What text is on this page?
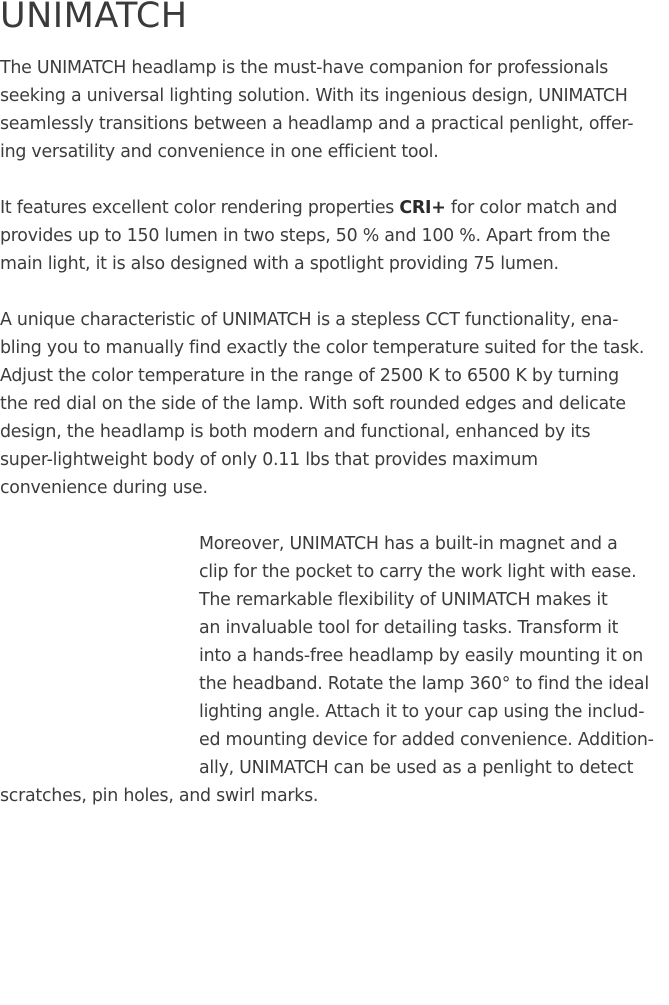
UNIMATCH

The UNIMATCH headlamp is the must-have companion for professionals

seeking a universal lighting solution. With its ingenious design, UNIMATCH

seamlessly transitions between a headlamp and a practical penlight, offer-

ing versatility and convenience in one efficient tool.

It features excellent color rendering properties CRI+ for color match and

provides up to 150 lumen in two steps, 50 % and 100 %. Apart from the

main light, it is also designed with a spotlight providing 75 lumen.

A unique characteristic of UNIMATCH is a stepless CCT functionality, ena-

bling you to manually find exactly the color temperature suited for the task.

Adjust the color temperature in the range of 2500 K to 6500 K by turning

the red dial on the side of the lamp. With soft rounded edges and delicate

design, the headlamp is both modern and functional, enhanced by its

super-lightweight body of only 0.11 lbs that provides maximum

convenience during use.

Moreover, UNIMATCH has a built-in magnet and a

clip for the pocket to carry the work light with ease.

The remarkable flexibility of UNIMATCH makes it

an invaluable tool for detailing tasks. Transform it

into a hands-free headlamp by easily mounting it on

the headband. Rotate the lamp 360° to find the ideal

lighting angle. Attach it to your cap using the includ-

ed mounting device for added convenience. Addition-

ally, UNIMATCH can be used as a penlight to detect

scratches, pin holes, and swirl marks.
